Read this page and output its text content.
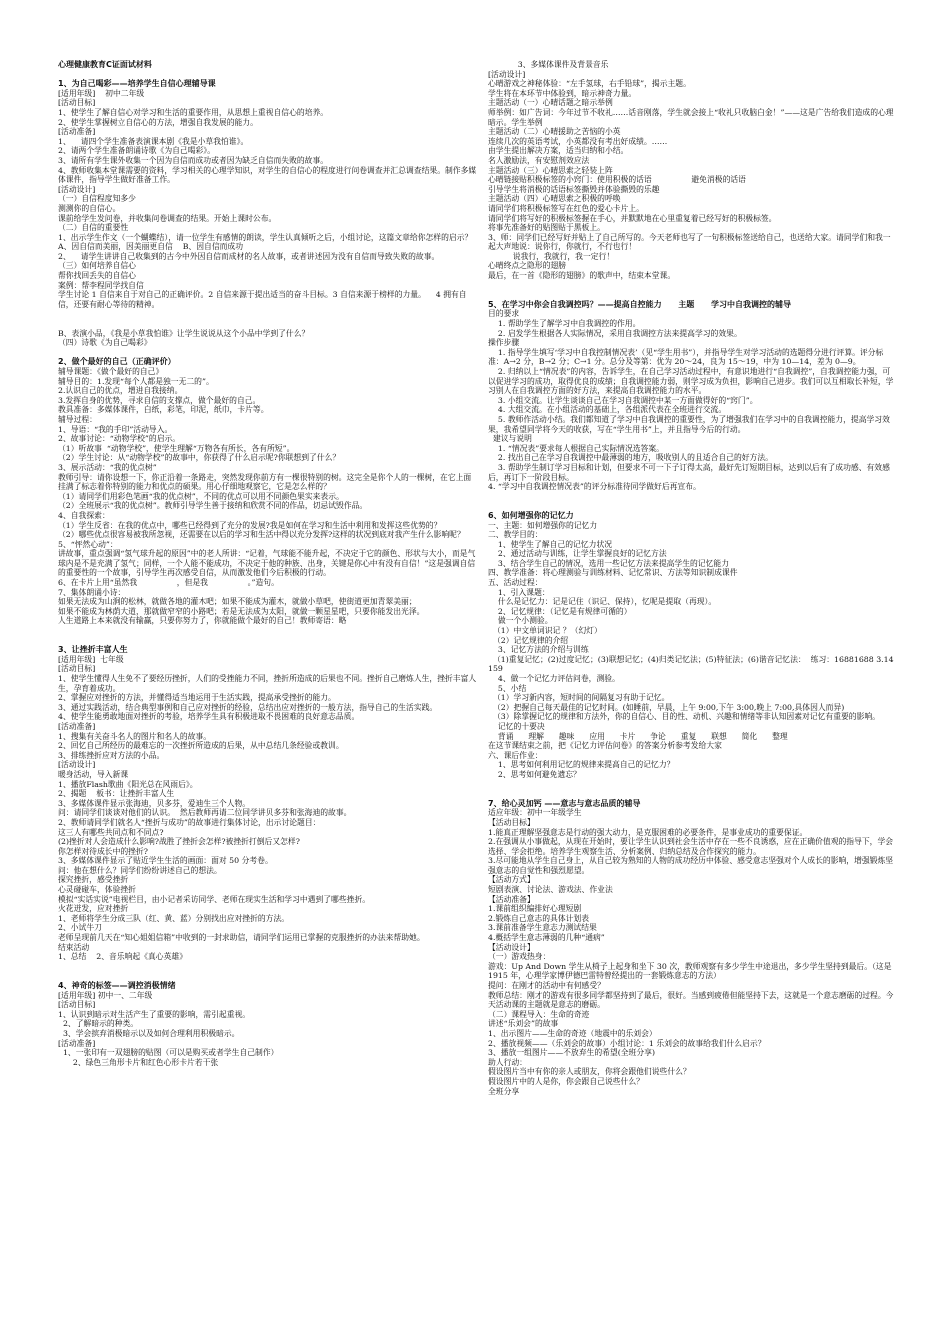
心理健康教育C证面试材料

1、为自己喝彩——培养学生自信心理辅导课

[适用年级]    初中二年级

[活动目标]

1、使学生了解自信心对学习和生活的重要作用，从思想上重视自信心的培养。

2、使学生掌握树立自信心的方法，增强自我发展的能力。

[活动准备]

1、    请四个学生准备表演课本剧《我是小草我怕谁》。

2、请两个学生准备朗诵诗歌《为自己喝彩》。

3、请所有学生课外收集一个因为自信而成功或者因为缺乏自信而失败的故事。

4、教师收集本堂课需要的资料，学习相关的心理学知识，对学生的自信心的程度进行问卷调查并汇总调查结果。制作多媒体课件，指导学生做好准备工作。

[活动设计]

（一）自信程度知多少

测测你的自信心。

课前给学生发问卷，并收集问卷调查的结果。开始上课时公布。

（二）自信的重要性

1、出示学生作文（一个蝴蝶结），请一位学生有感情的朗读，学生认真倾听之后，小组讨论，这篇文章给你怎样的启示？A、因自信而美丽，因美丽更自信    B、因自信而成功

2、    请学生讲讲自己收集到的古今中外因自信而成材的名人故事，或者讲述因为没有自信而导致失败的故事。

（三）如何培养自信心

帮你找回丢失的自信心

案例：帮李程同学找自信

学生讨论 1 自信来自于对自己的正确评价。2 自信来源于提出适当的奋斗目标。3 自信来源于榜样的力量。    4 拥有自信，还要有耐心等待的精神。

B、表演小品，《我是小草我怕谁》让学生说说从这个小品中学到了什么？

（四）诗歌《为自己喝彩》

2、做个最好的自己（正确评价）

辅导课题：《做个最好的自己》

辅导目的：1.发现“每个人都是独一无二的”。

2.认识自己的优点，增进自我接纳。

3.发挥自身的优势，寻求自信的支撑点，做个最好的自己。

教具准备：多媒体课件，白纸，彩笔，印泥，纸巾，卡片等。

辅导过程：

1、导语：“我的手印”活动导入。

2、故事讨论：“动物学校”的启示。

（1）听故事  “动物学校”，使学生理解“万物各有所长，各有所短”。

（2）学生讨论：从“动物学校”的故事中，你获得了什么启示呢?你联想到了什么？

3、展示活动：“我的优点树”

教师引导：请你设想一下，你正沿着一条路走，突然发现你前方有一棵很特别的树。这完全是你个人的一棵树，在它上面挂满了标志着你特别的能力和优点的硕果。用心仔细地观察它，它是怎么样的？

（1）请同学们用彩色笔画“我的优点树”，不同的优点可以用不同颜色果实来表示。

（2）全班展示“我的优点树”。教师引导学生善于接纳和欣赏不同的作品，切忌试毁作品。

4、自我探索：

（1）学生反省：在我的优点中，哪些已经得到了充分的发展?我是如何在学习和生活中利用和发挥这些优势的？

（2）哪些优点很容易被我所忽视，还需要在以后的学习和生活中得以充分发挥?这样的状况到底对我产生什么影响呢？

5、“怦然心动”：

讲故事，重点强调“氢气球升起的原因”中的老人所讲：“记着，气球能不能升起，不决定于它的颜色、形状与大小，而是气球内是不是充满了氢气；同样，一个人能不能成功，不决定于他的种族、出身，关键是你心中有没有自信！”这是强调自信的重要性的一个故事，引导学生再次感受自信，从而激发他们今后积极的行动。

6、在卡片上用“虽然我                ，但是我                。”造句。

7、集体朗诵小诗：

如果无法成为山涧的松林，就做各地的灌木吧；如果不能成为灌木，就做小草吧，使街道更加青翠美丽；

如果不能成为林荫大道，那就做窄窄的小路吧；若是无法成为太阳，就做一颗星星吧，只要你能发出光泽。

人生道路上本来就没有输赢，只要你努力了，你就能做个最好的自己！教师寄语：略

3、让挫折丰富人生

[适用年级]  七年级

[活动目标]

1、使学生懂得人生免不了要经历挫折，人们的受挫能力不同，挫折所造成的后果也不同。挫折自己磨炼人生，挫折丰富人生，孕育着成功。

2、掌握应对挫折的方法，并懂得适当地运用于生活实践，提高承受挫折的能力。

3、通过实践活动，结合典型事例和自己应对挫折的经验，总结出应对挫折的一般方法，指导自己的生活实践。

4、使学生能勇敢地面对挫折的考验，培养学生具有积极进取不畏困难的良好意志品质。

[活动准备]

1、搜集有关奋斗名人的图片和名人的故事。

2、回忆自己所经历的最难忘的一次挫折所造成的后果，从中总结几条经验或教训。

3、排练挫折应对方法的小品。

[活动设计]

暖身活动，导入新课

1、播放Flash歌曲《阳光总在风雨后》。

2、揭题    板书：让挫折丰富人生

3、多媒体课件显示张海迪，贝多芬，爱迪生三个人物。

问：请同学们谈谈对他们的认识。  然后教师再请二位同学讲贝多芬和张海迪的故事。

2、教师请同学们就名人“挫折与成功”的故事进行集体讨论，出示讨论题目：

这三人有哪些共同点和不同点?

(2)挫折对人会造成什么影响?战胜了挫折会怎样?被挫折打倒后又怎样?

你怎样对待成长中的挫折?

3、多媒体课件显示了贴近学生生活的画面：面对 50 分考卷。

问：他在想什么？同学们纷纷讲述自己的想法。

探究挫折，感受挫折

心灵碰碰车，体验挫折

模拟“实话实说”电视栏目，由小记者采访同学、老师在现实生活和学习中遇到了哪些挫折。

火花迸发，应对挫折

1、老师将学生分成三队（红、黄、蓝）分别找出应对挫折的方法。

2、小试牛刀

老师呈现前几天在“知心姐姐信箱”中收到的一封求助信，请同学们运用已掌握的克服挫折的办法来帮助她。

结束活动

1、总结    2、音乐响起《真心英雄》

4、神奇的标签——调控消极情绪

[适用年级] 初中一、二年级

[活动目标]

1、认识到暗示对生活产生了重要的影响，需引起重视。

2、了解暗示的种类。

3、学会摈弃消极暗示以及如何合理利用积极暗示。

[活动准备]

1、一张印有一双翅膀的贴图（可以是购买或者学生自己制作）

2、绿色三角形卡片和红色心形卡片若干张

3、多媒体课件及背景音乐

[活动设计]

心晴游戏之神秘体验：“左手氢球，右手铅球”，揭示主题。

学生将在本环节中体验到，暗示神奇力量。

主题活动（一）心晴话题之暗示举例

师举例：如广告词：今年过节不收礼……话音刚落，学生就会接上“收礼只收脑白金！”——这是广告给我们造成的心理暗示。学生举例

主题活动（二）心晴援助之苦恼的小英

连续几次的英语考试，小英都没有考出好成绩。……

由学生提出解决方案，适当归纳和小结。

名人激励法，有安慰剂效应法

主题活动（三）心晴思索之轻装上阵

心晴链接贴积极标签的小窍门：使用积极的话语                避免消极的话语

引导学生将消极的话语标签撕毁并体验撕毁的乐趣

主题活动（四）心晴思索之积极的呼唤

请同学们将积极标签写在红色的爱心卡片上。

请同学们将写好的积极标签握在手心，并默默地在心里重复着已经写好的积极标签。

将事先准备好的贴图贴于黑板上。

3、师：同学们已经写好并贴上了自己所写的。今天老师也写了一句积极标签送给自己，也送给大家。请同学们和我一起大声地说：说你行，你就行，不行也行！

说我行，我就行，我一定行！

心晴终点之隐形的翅膀

最后，在一首《隐形的翅膀》的歌声中，结束本堂课。

5、在学习中你会自我调控吗？——提高自控能力      主题      学习中自我调控的辅导

目的要求

1. 帮助学生了解学习中自我调控的作用。

2. 启发学生根据各人实际情况，采用自我调控方法来提高学习的效果。

操作步骤

1. 指导学生填写‘学习中自我控制情况表’（见“学生用书”），并指导学生对学习活动的选题得分进行评算。评分标准：A→2 分，B→2 分；C→1 分。总分及等第：优为 20～24，良为 15～19，中为 10—14，差为 0—9。

2. 归纳以上“情况表”的内容，告诉学生，在自己学习活动过程中，有意识地进行“自我调控”，自我调控能力强，可以促进学习的成功，取得优良的成绩；自我调控能力弱，则学习成为负担，影响自己进步。我们可以互相取长补短，学习别人在自我调控方面的好方法，来提高自我调控能力的水平。

3. 小组交流。让学生谈谈自己在学习自我调控中某一方面做得好的“窍门”。

4. 大组交流。在小组活动的基础上，各组派代表在全班进行交流。

5. 教师作活动小结。我们都知道了学习中自我调控的重要性，为了增强我们在学习中的自我调控能力，提高学习效果，我希望同学将今天的收获，写在“学生用书”上，并且指导今后的行动。

建议与说明

1. “情况表”要求每人根据自己实际情况选答案。

2. 找出自己在学习自我调控中最薄弱的地方，吸收别人的且适合自己的好方法。

3. 帮助学生制订学习目标和计划，但要求不可一下子订得太高，最好先订短期目标，达到以后有了成功感、有效感后，再订下一阶段目标。

4. “学习中自我调控情况表”的评分标准待同学做好后再宣布。

6、如何增强你的记忆力

一、主题：如何增强你的记忆力

二、教学目的：

1、使学生了解自己的记忆力状况

2、通过活动与训练，让学生掌握良好的记忆方法

3、结合学生自己的情况，选用一些记忆方法来提高学生的记忆能力

四、教学准备：将心理测验与训练材料、记忆常识、方法等知识制成课件

五、活动过程：

1、引入课题：

什么是记忆力：记是记住（识记、保持），忆呢是提取（再现）。

2、记忆规律：（记忆是有规律可循的）

做一个小测验。

（1）中文单词识记 ？（幻灯）

（2）记忆规律的介绍

3、记忆方法的介绍与训练

（1)重复记忆；(2)过度记忆；(3)联想记忆；(4)归类记忆法；(5)特征法；(6)谐音记忆法：  练习：16881688 3.14159

4、做一个记忆力评估问卷，测验。

5、小结

（1）学习新内容，短时间的间隔复习有助于记忆。

（2）把握自己每天最佳的记忆时间。(如睡前，早晨，上午 9:00,下午 3:00,晚上 7:00,具体因人而异)

（3）除掌握记忆的规律和方法外，你的自信心、目的性、动机、兴趣和情绪等非认知因素对记忆有重要的影响。

记忆的十要决

背诵      理解      趣味      应用      卡片      争论      重复      联想      简化      整理

在这节课结束之前，把《记忆力评估问卷》的答案分析参考发给大家

六、课后作业：

1、思考如何利用记忆的规律来提高自己的记忆力？

2、思考如何避免遗忘？

7、给心灵加钙 ——意志与意志品质的辅导

适应年级：初中一年级学生

【活动目标】

1.能真正理解坚强意志是行动的强大动力，是克服困难的必要条件，是事业成功的重要保证。

2.在强调从小事做起，从现在开始时，要让学生认识到社会生活中存在一些不良诱惑，应在正确价值观的指导下，学会选择、学会拒绝。培养学生观察生活、分析案例、归纳总结及合作探究的能力。

3.尽可能地从学生自己身上，从自己较为熟知的人物的成功经历中体验、感受意志坚强对个人成长的影响，增强锻炼坚强意志的自觉性和强烈愿望。

【活动方式】

短剧表演、讨论法、游戏法、作业法

【活动准备】

1.课前组织编排好心理短剧

2.锻炼自己意志的具体计划表

3.课前准备学生意志力测试结果

4.概括学生意志薄弱的几种“通病”

【活动设计】

（一）游戏热身：

游戏：Up And Down 学生从椅子上起身和坐下 30 次，教师观察有多少学生中途退出，多少学生坚持到最后。（这是 1915 年，心理学家博伊德巴雷特曾经提出的一套锻炼意志的方法）

提问：在刚才的活动中有何感受？

教师总结：刚才的游戏有很多同学都坚持到了最后，很好。当感到疲倦但能坚持下去，这就是一个意志磨砺的过程。今天活动课的主题就是意志的磨砺。

（二）课程导入：生命的奇迹

讲述“乐刘会”的故事

1、出示图片——生命的奇迹（地震中的乐刘会）

2、播放视频——（乐刘会的故事）小组讨论：1 乐刘会的故事给我们什么启示？

3、播放一组图片——不放弃生的希望(全班分享)

助人行动：

假设图片当中有你的亲人或朋友，你将会跟他们说些什么？

假设图片中的人是你，你会跟自己说些什么？

全班分享
